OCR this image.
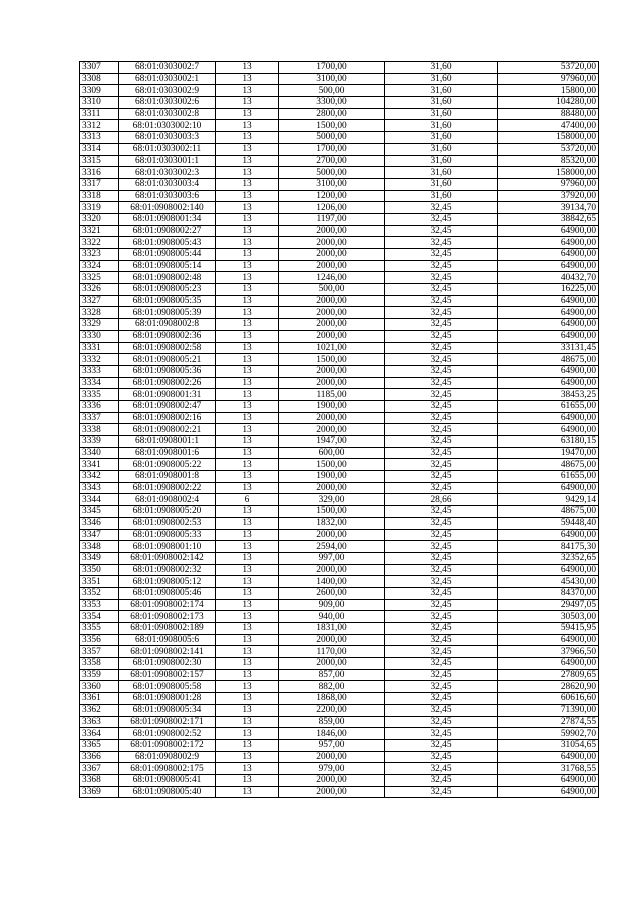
3307	68:01:0303002:7	13	1700,00	31,60	53720,00
3308	68:01:0303002:1	13	3100,00	31,60	97960,00
3309	68:01:0303002:9	13	500,00	31,60	15800,00
3310	68:01:0303002:6	13	3300,00	31,60	104280,00
3311	68:01:0303002:8	13	2800,00	31,60	88480,00
3312	68:01:0303002:10	13	1500,00	31,60	47400,00
3313	68:01:0303003:3	13	5000,00	31,60	158000,00
3314	68:01:0303002:11	13	1700,00	31,60	53720,00
3315	68:01:0303001:1	13	2700,00	31,60	85320,00
3316	68:01:0303002:3	13	5000,00	31,60	158000,00
3317	68:01:0303003:4	13	3100,00	31,60	97960,00
3318	68:01:0303003:6	13	1200,00	31,60	37920,00
3319	68:01:0908002:140	13	1206,00	32,45	39134,70
3320	68:01:0908001:34	13	1197,00	32,45	38842,65
3321	68:01:0908002:27	13	2000,00	32,45	64900,00
3322	68:01:0908005:43	13	2000,00	32,45	64900,00
3323	68:01:0908005:44	13	2000,00	32,45	64900,00
3324	68:01:0908005:14	13	2000,00	32,45	64900,00
3325	68:01:0908002:48	13	1246,00	32,45	40432,70
3326	68:01:0908005:23	13	500,00	32,45	16225,00
3327	68:01:0908005:35	13	2000,00	32,45	64900,00
3328	68:01:0908005:39	13	2000,00	32,45	64900,00
3329	68:01:0908002:8	13	2000,00	32,45	64900,00
3330	68:01:0908002:36	13	2000,00	32,45	64900,00
3331	68:01:0908002:58	13	1021,00	32,45	33131,45
3332	68:01:0908005:21	13	1500,00	32,45	48675,00
3333	68:01:0908005:36	13	2000,00	32,45	64900,00
3334	68:01:0908002:26	13	2000,00	32,45	64900,00
3335	68:01:0908001:31	13	1185,00	32,45	38453,25
3336	68:01:0908002:47	13	1900,00	32,45	61655,00
3337	68:01:0908002:16	13	2000,00	32,45	64900,00
3338	68:01:0908002:21	13	2000,00	32,45	64900,00
3339	68:01:0908001:1	13	1947,00	32,45	63180,15
3340	68:01:0908001:6	13	600,00	32,45	19470,00
3341	68:01:0908005:22	13	1500,00	32,45	48675,00
3342	68:01:0908001:8	13	1900,00	32,45	61655,00
3343	68:01:0908002:22	13	2000,00	32,45	64900,00
3344	68:01:0908002:4	6	329,00	28,66	9429,14
3345	68:01:0908005:20	13	1500,00	32,45	48675,00
3346	68:01:0908002:53	13	1832,00	32,45	59448,40
3347	68:01:0908005:33	13	2000,00	32,45	64900,00
3348	68:01:0908001:10	13	2594,00	32,45	84175,30
3349	68:01:0908002:142	13	997,00	32,45	32352,65
3350	68:01:0908002:32	13	2000,00	32,45	64900,00
3351	68:01:0908005:12	13	1400,00	32,45	45430,00
3352	68:01:0908005:46	13	2600,00	32,45	84370,00
3353	68:01:0908002:174	13	909,00	32,45	29497,05
3354	68:01:0908002:173	13	940,00	32,45	30503,00
3355	68:01:0908002:189	13	1831,00	32,45	59415,95
3356	68:01:0908005:6	13	2000,00	32,45	64900,00
3357	68:01:0908002:141	13	1170,00	32,45	37966,50
3358	68:01:0908002:30	13	2000,00	32,45	64900,00
3359	68:01:0908002:157	13	857,00	32,45	27809,65
3360	68:01:0908005:58	13	882,00	32,45	28620,90
3361	68:01:0908001:28	13	1868,00	32,45	60616,60
3362	68:01:0908005:34	13	2200,00	32,45	71390,00
3363	68:01:0908002:171	13	859,00	32,45	27874,55
3364	68:01:0908002:52	13	1846,00	32,45	59902,70
3365	68:01:0908002:172	13	957,00	32,45	31054,65
3366	68:01:0908002:9	13	2000,00	32,45	64900,00
3367	68:01:0908002:175	13	979,00	32,45	31768,55
3368	68:01:0908005:41	13	2000,00	32,45	64900,00
3369	68:01:0908005:40	13	2000,00	32,45	64900,00
